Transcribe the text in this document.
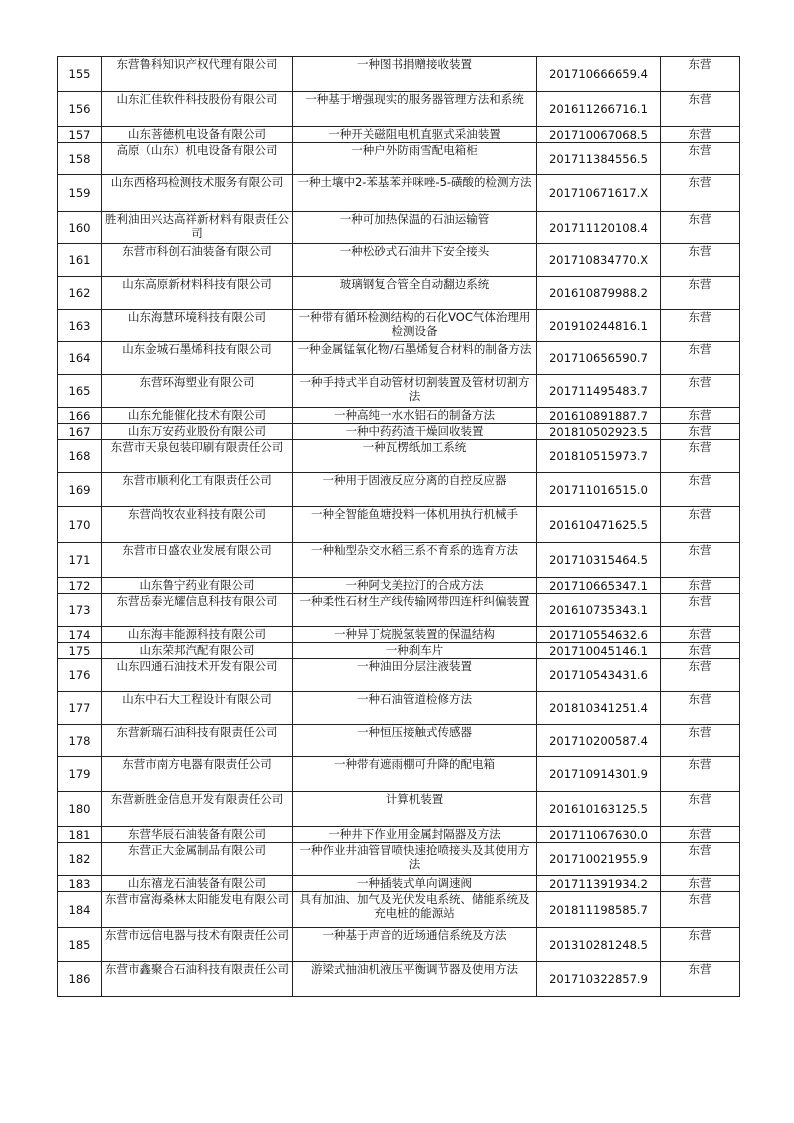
155	东营鲁科知识产权代理有限公司	一种图书捐赠接收装置	201710666659.4	东营
156	山东汇佳软件科技股份有限公司	一种基于增强现实的服务器管理方法和系统	201611266716.1	东营
157	山东菩德机电设备有限公司	一种开关磁阻电机直驱式采油装置	201710067068.5	东营
158	高原（山东）机电设备有限公司	一种户外防雨雪配电箱柜	201711384556.5	东营
159	山东西格玛检测技术服务有限公司	一种土壤中2-苯基苯并咪唑-5-磺酸的检测方法	201710671617.X	东营
160	胜利油田兴达高祥新材料有限责任公司	一种可加热保温的石油运输管	201711120108.4	东营
161	东营市科创石油装备有限公司	一种松砂式石油井下安全接头	201710834770.X	东营
162	山东高原新材料科技有限公司	玻璃钢复合管全自动翻边系统	201610879988.2	东营
163	山东海慧环境科技有限公司	一种带有循环检测结构的石化VOC气体治理用检测设备	201910244816.1	东营
164	山东金城石墨烯科技有限公司	一种金属锰氧化物/石墨烯复合材料的制备方法	201710656590.7	东营
165	东营环海塑业有限公司	一种手持式半自动管材切割装置及管材切割方法	201711495483.7	东营
166	山东允能催化技术有限公司	一种高纯一水水铝石的制备方法	201610891887.7	东营
167	山东万安药业股份有限公司	一种中药药渣干燥回收装置	201810502923.5	东营
168	东营市天泉包装印刷有限责任公司	一种瓦楞纸加工系统	201810515973.7	东营
169	东营市顺利化工有限责任公司	一种用于固液反应分离的自控反应器	201711016515.0	东营
170	东营尚牧农业科技有限公司	一种全智能鱼塘投料一体机用执行机械手	201610471625.5	东营
171	东营市日盛农业发展有限公司	一种籼型杂交水稻三系不育系的选育方法	201710315464.5	东营
172	山东鲁宁药业有限公司	一种阿戈美拉汀的合成方法	201710665347.1	东营
173	东营岳泰光耀信息科技有限公司	一种柔性石材生产线传输网带四连杆纠偏装置	201610735343.1	东营
174	山东海丰能源科技有限公司	一种异丁烷脱氢装置的保温结构	201710554632.6	东营
175	山东荣邦汽配有限公司	一种刹车片	201710045146.1	东营
176	山东四通石油技术开发有限公司	一种油田分层注液装置	201710543431.6	东营
177	山东中石大工程设计有限公司	一种石油管道检修方法	201810341251.4	东营
178	东营新瑞石油科技有限责任公司	一种恒压接触式传感器	201710200587.4	东营
179	东营市南方电器有限责任公司	一种带有遮雨棚可升降的配电箱	201710914301.9	东营
180	东营新胜金信息开发有限责任公司	计算机装置	201610163125.5	东营
181	东营华辰石油装备有限公司	一种井下作业用金属封隔器及方法	201711067630.0	东营
182	东营正大金属制品有限公司	一种作业井油管冒喷快速抢喷接头及其使用方法	201710021955.9	东营
183	山东禧龙石油装备有限公司	一种插装式单向调速阀	201711391934.2	东营
184	东营市富海桑林太阳能发电有限公司	具有加油、加气及光伏发电系统、储能系统及充电桩的能源站	201811198585.7	东营
185	东营市远信电器与技术有限责任公司	一种基于声音的近场通信系统及方法	201310281248.5	东营
186	东营市鑫聚合石油科技有限责任公司	游梁式抽油机液压平衡调节器及使用方法	201710322857.9	东营
